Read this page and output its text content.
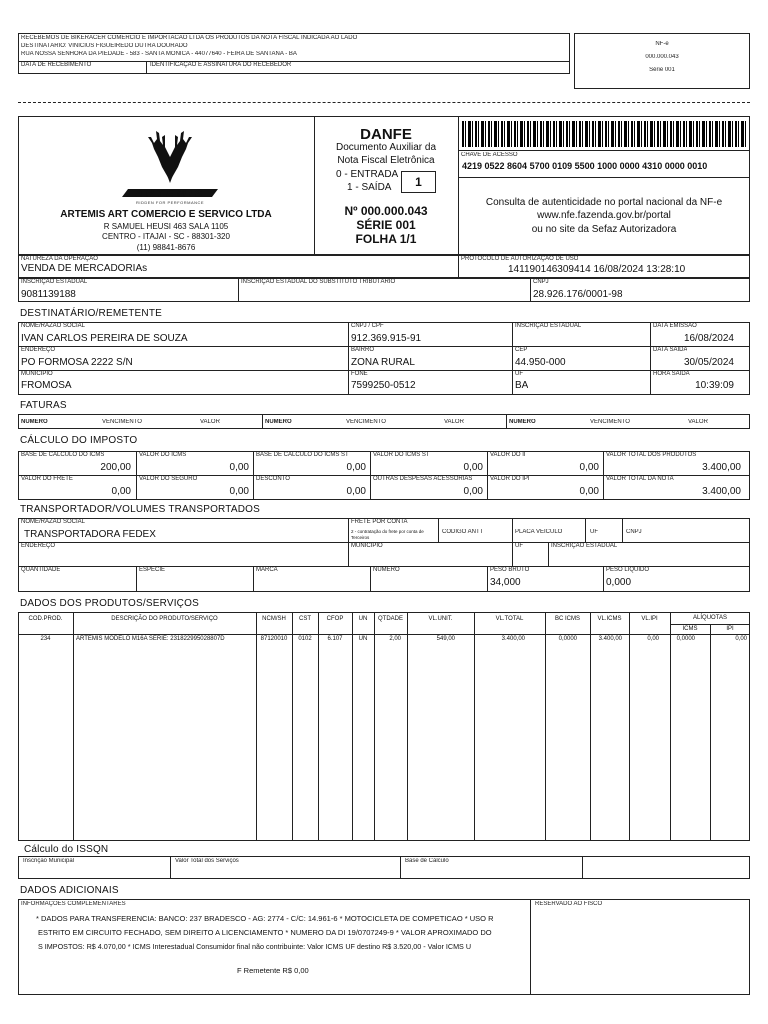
RECEBEMOS DE BIKERACER COMERCIO E IMPORTACAO LTDA OS PRODUTOS DA NOTA FISCAL INDICADA AO LADO
DESTINATÁRIO: VINICIUS FIGUEIREDO DUTRA DOURADO
RUA NOSSA SENHORA DA PIEDADE - 583 - SANTA MONICA - 44077640 - FEIRA DE SANTANA - BA
DATA DE RECEBIMENTO	IDENTIFICAÇÃO E ASSINATURA DO RECEBEDOR
NF-e
000.000.043
Série 001
ARTEMIS
RIDDEN FOR PERFORMANCE
ARTEMIS ART COMERCIO E SERVICO LTDA
R SAMUEL HEUSI 463 SALA 1105
CENTRO - ITAJAI - SC - 88301-320
(11) 98841-8676
DANFE
Documento Auxiliar da
Nota Fiscal Eletrônica
0 - ENTRADA
1 - SAÍDA	1
Nº 000.000.043
SÉRIE 001
FOLHA 1/1
CHAVE DE ACESSO
4219 0522 8604 5700 0109 5500 1000 0000 4310 0000 0010
Consulta de autenticidade no portal nacional da NF-e
www.nfe.fazenda.gov.br/portal
ou no site da Sefaz Autorizadora
NATUREZA DA OPERAÇÃO
VENDA DE MERCADORIAs
PROTOCOLO DE AUTORIZAÇÃO DE USO
141190146309414 16/08/2024 13:28:10
INSCRIÇÃO ESTADUAL
9081139188
INSCRIÇÃO ESTADUAL DO SUBSTITUTO TRIBUTÁRIO	CNPJ
28.926.176/0001-98
DESTINATÁRIO/REMETENTE
NOME/RAZÃO SOCIAL
IVAN CARLOS PEREIRA DE SOUZA
CNPJ / CPF
912.369.915-91
INSCRIÇÃO ESTADUAL	DATA EMISSÃO
16/08/2024
ENDEREÇO
PO FORMOSA 2222 S/N
BAIRRO
ZONA RURAL
CEP
44.950-000
DATA SAIDA
30/05/2024
MUNICIPIO
FROMOSA
FONE
7599250-0512
UF
BA
HORA SAIDA
10:39:09
FATURAS
NÚMERO	VENCIMENTO	VALOR	NÚMERO	VENCIMENTO	VALOR	NÚMERO	VENCIMENTO	VALOR
CÁLCULO DO IMPOSTO
BASE DE CÁLCULO DO ICMS	VALOR DO ICMS	BASE DE CÁLCULO DO ICMS ST	VALOR DO ICMS ST	VALOR DO II	VALOR TOTAL DOS PRODUTOS
200,00	0,00	0,00	0,00	0,00	3.400,00
VALOR DO FRETE	VALOR DO SEGURO	DESCONTO	OUTRAS DESPESAS ACESSÓRIAS	VALOR DO IPI	VALOR TOTAL DA NOTA
0,00	0,00	0,00	0,00	0,00	3.400,00
TRANSPORTADOR/VOLUMES TRANSPORTADOS
NOME/RAZÃO SOCIAL
TRANSPORTADORA FEDEX
FRETE POR CONTA
2 - contratação do frete por conta de Terceiros
CÓDIGO ANTT	PLACA VEÍCULO	UF	CNPJ
ENDEREÇO	MUNICIPIO	UF	INSCRIÇÃO ESTADUAL
QUANTIDADE	ESPÉCIE	MARCA	NUMERO	PESO BRUTO
34,000
PESO LIQUIDO
0,000
DADOS DOS PRODUTOS/SERVIÇOS
COD.PROD.	DESCRIÇÃO DO PRODUTO/SERVIÇO	NCM/SH	CST	CFOP	UN	QTDADE	VL.UNIT.	VL.TOTAL	BC ICMS	VL.ICMS	VL.IPI	ALÍQUOTAS
ICMS	IPI
234	ARTEMIS MODELO M16A SERIE: 231822995028807D	87120010	0102	6.107	UN	2,00	549,00	3.400,00	0,0000	3.400,00	0,00	0,0000	0,00
Cálculo do ISSQN
Inscrição Municipal	Valor Total dos Serviços	Base de Cálculo
DADOS ADICIONAIS
INFORMAÇÕES COMPLEMENTARES	RESERVADO AO FISCO
* DADOS PARA TRANSFERENCIA: BANCO: 237 BRADESCO - AG: 2774 - C/C: 14.961-6 * MOTOCICLETA DE COMPETICAO * USO R
ESTRITO EM CIRCUITO FECHADO, SEM DIREITO A LICENCIAMENTO * NUMERO DA DI 19/0707249-9 * VALOR APROXIMADO DO
S IMPOSTOS: R$ 4.070,00 * ICMS Interestadual Consumidor final não contribuinte: Valor ICMS UF destino R$ 3.520,00 - Valor ICMS U
F Remetente R$ 0,00
